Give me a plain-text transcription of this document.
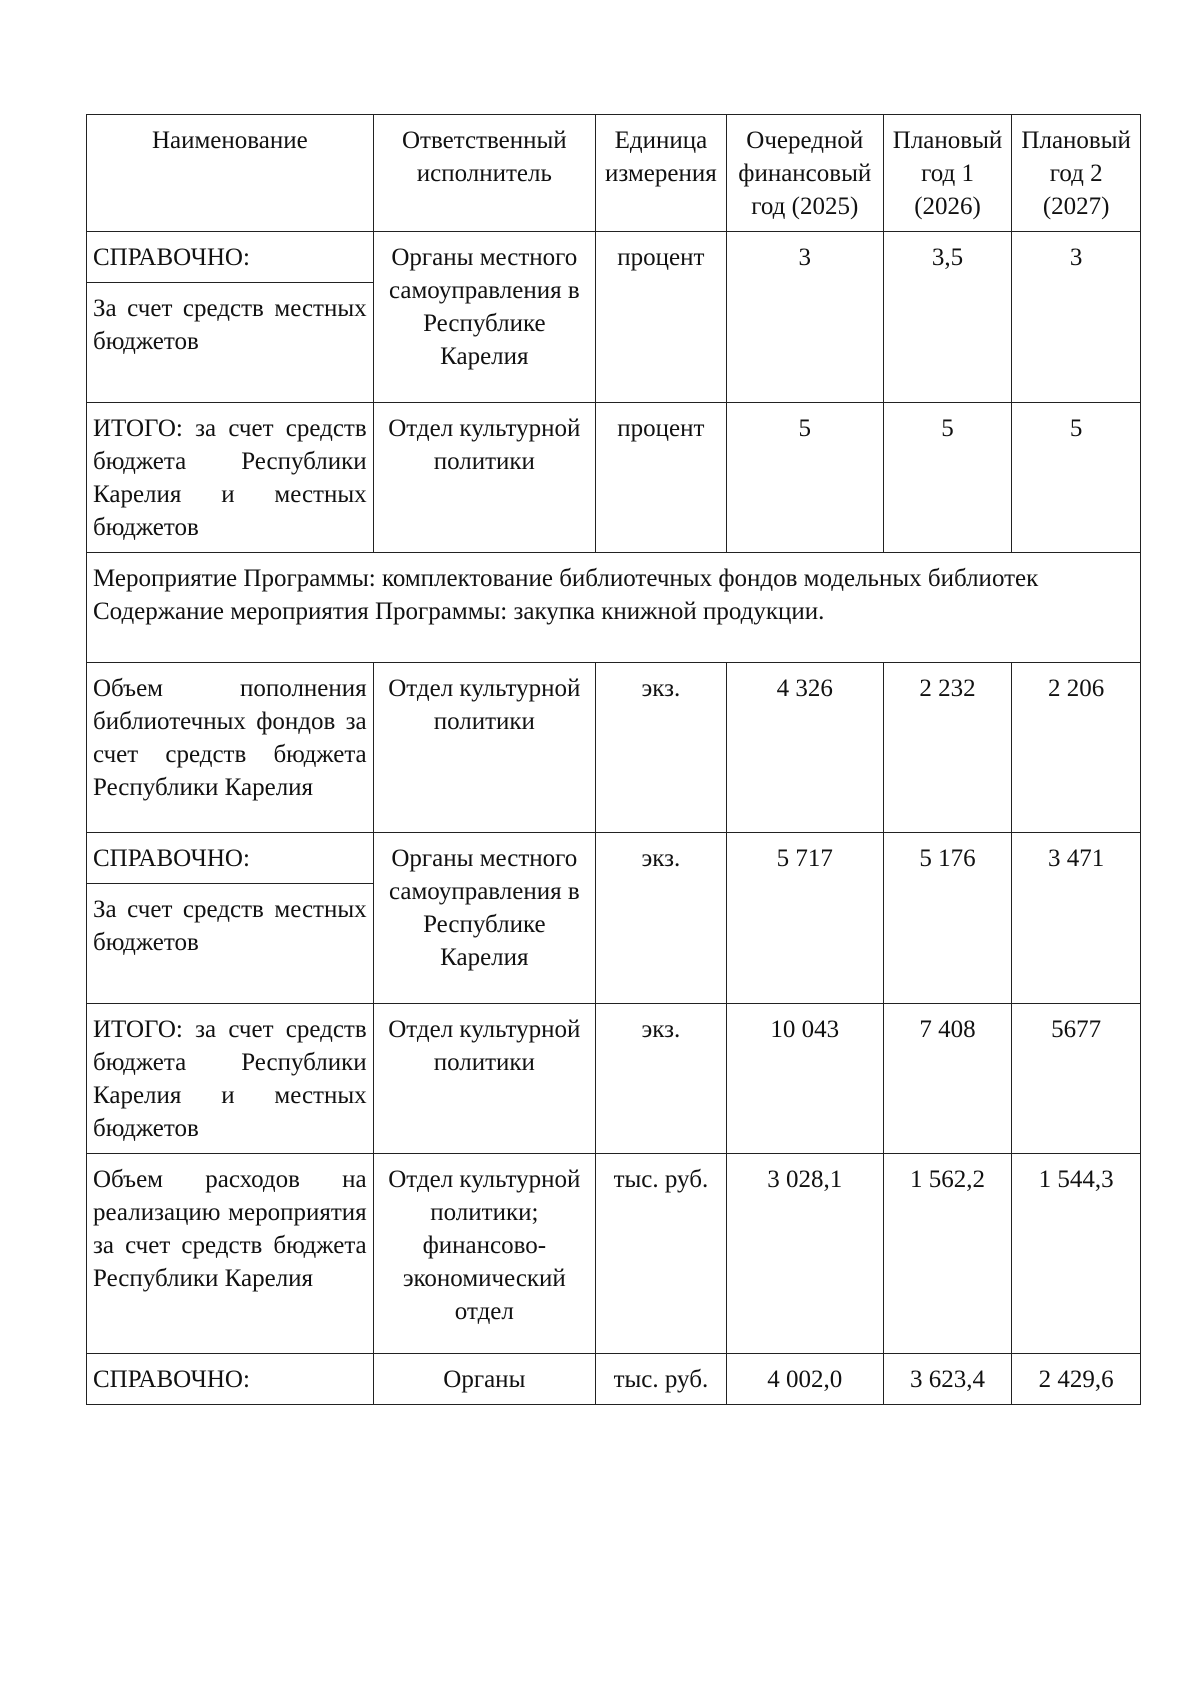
Наименование	Ответственный исполнитель	Единица измерения	Очередной финансовый год (2025)	Плановый год 1 (2026)	Плановый год 2 (2027)
СПРАВОЧНО:	Органы местного самоуправления в Республике Карелия	процент	3	3,5	3
За счет средств местных бюджетов					
ИТОГО: за счет средств бюджета Республики Карелия и местных бюджетов	Отдел культурной политики	процент	5	5	5

Мероприятие Программы: комплектование библиотечных фондов модельных библиотек
Содержание мероприятия Программы: закупка книжной продукции.					

Объем пополнения библиотечных фондов за счет средств бюджета Республики Карелия	Отдел культурной политики	экз.	4 326	2 232	2 206
СПРАВОЧНО:	Органы местного самоуправления в Республике Карелия	экз.	5 717	5 176	3 471
За счет средств местных бюджетов					
ИТОГО: за счет средств бюджета Республики Карелия и местных бюджетов	Отдел культурной политики	экз.	10 043	7 408	5677
Объем расходов на реализацию мероприятия за счет средств бюджета Республики Карелия	Отдел культурной политики; финансово-экономический отдел	тыс. руб.	3 028,1	1 562,2	1 544,3
СПРАВОЧНО:	Органы	тыс. руб.	4 002,0	3 623,4	2 429,6
